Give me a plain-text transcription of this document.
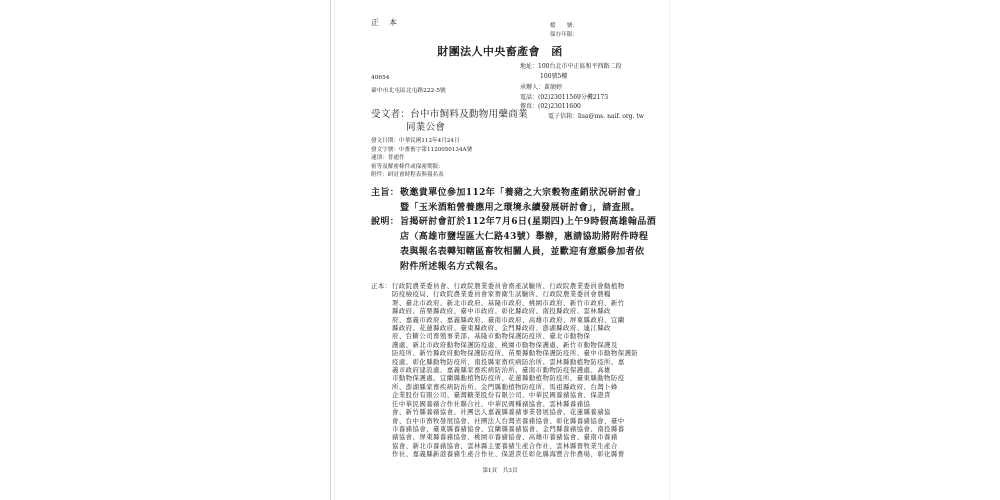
正　本	檔　　號：
保存年限：
財團法人中央畜產會　函
地址：100台北市中正區和平西路二段
100號5樓
承辦人：黃碩婷
電話：(02)23011569分機2173
傳真：(02)23011600
電子信箱：lisa@ms. naif. org. tw
40654
臺中市北屯區北屯路222-5號
受文者：台中市飼料及動物用藥商業
同業公會
發文日期：中華民國112年4月24日
發文字號：中畜畜字第1120050134A號
速別：普通件
密等及解密條件或保密期限：
附件：研討會時程表與報名表
主旨： 敬邀貴單位參加112年「養豬之大宗穀物產銷狀況研討會」
暨「玉米酒粕營養應用之環境永續發展研討會」，請查照。
說明： 旨揭研討會訂於112年7月6日(星期四)上午9時假高雄翰品酒
店（高雄市鹽埕區大仁路43號）舉辦，惠請協助將附件時程
表與報名表轉知轄區畜牧相關人員，並歡迎有意願參加者依
附件所述報名方式報名。
正本： 行政院農業委員會、行政院農業委員會畜產試驗所、行政院農業委員會動植物
防疫檢疫局、行政院農業委員會家畜衛生試驗所、行政院農業委員會農糧
署、臺北市政府、新北市政府、基隆市政府、桃園市政府、新竹市政府、新竹
縣政府、苗栗縣政府、臺中市政府、彰化縣政府、南投縣政府、雲林縣政
府、嘉義市政府、嘉義縣政府、臺南市政府、高雄市政府、屏東縣政府、宜蘭
縣政府、花蓮縣政府、臺東縣政府、金門縣政府、澎湖縣政府、連江縣政
府、台糖公司畜殖事業部、基隆市動物保護防疫所、臺北市動物保
護處、新北市政府動物保護防疫處、桃園市動物保護處、新竹市動物保護及
防疫所、新竹縣政府動物保護防疫所、苗栗縣動物保護防疫所、臺中市動物保護防
疫處、彰化縣動物防疫所、南投縣家畜疾病防治所、雲林縣動植物防疫所、嘉
義市政府建設處、嘉義縣家畜疾病防治所、臺南市動物防疫保護處、高雄
市動物保護處、宜蘭縣動植物防疫所、花蓮縣動植物防疫所、臺東縣動物防疫
所、澎湖縣家畜疾病防治所、金門縣動植物防疫所、馬祖縣政府、台灣卜蜂
企業股份有限公司、臺灣糖業股份有限公司、中華民國養豬協會、保證責
任中華民國養豬合作社聯合社、中華民國種豬協會、雲林縣養豬協
會、新竹縣養豬協會、社團法人嘉義縣養豬事業發展協會、花蓮縣養豬協
會、台中市畜牧發展協會、社團法人台灣省養豬協會、彰化縣養豬協會、臺中
市養豬協會、臺東縣養豬協會、宜蘭縣養豬協會、金門縣養豬協會、南投縣養
豬協會、屏東縣養豬協會、桃園市養豬協會、高雄市養豬協會、臺南市養豬
協會、新北市養豬協會、雲林縣主要養豬生產合作社、雲林縣畜牧業生產合
作社、嘉義縣新港養豬生產合作社、保證責任彰化縣海豐合作農場、彰化縣畜
第1頁　共3頁
